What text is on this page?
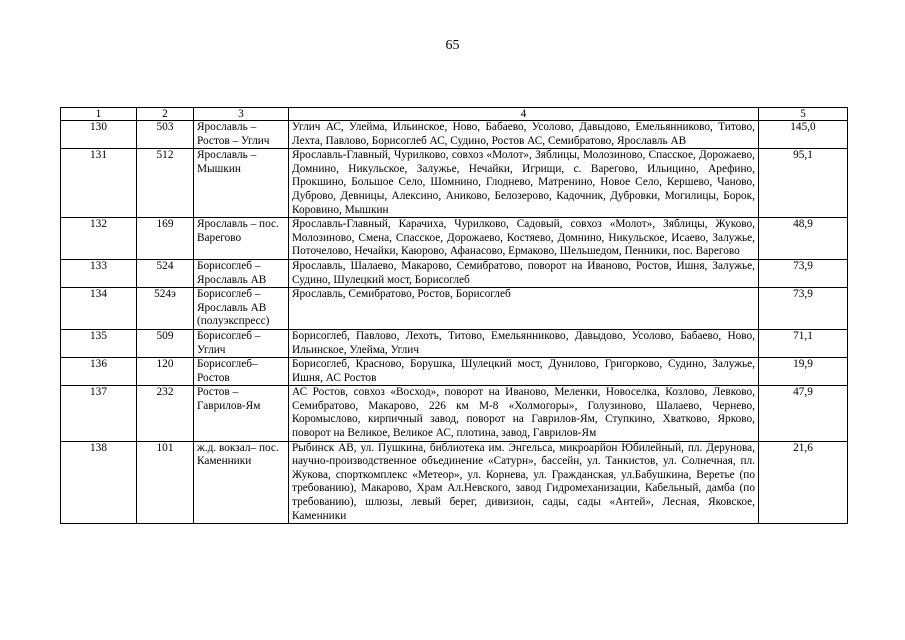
65
1	2	3	4	5
130	503	Ярославль – Ростов – Углич	Углич АС, Улейма, Ильинское, Ново, Бабаево, Усолово, Давыдово, Емельянниково, Титово, Лехта, Павлово, Борисоглеб АС, Судино, Ростов АС, Семибратово, Ярославль АВ	145,0
131	512	Ярославль – Мышкин	Ярославль-Главный, Чурилково, совхоз «Молот», Зяблицы, Молозиново, Спасское, Дорожаево, Домнино, Никульское, Залужье, Нечайки, Игрищи, с. Варегово, Ильицино, Арефино, Прокшино, Большое Село, Шомнино, Глоднево, Матренино, Новое Село, Кершево, Чаново, Дуброво, Девницы, Алексино, Аниково, Белозерово, Кадочник, Дубровки, Могилицы, Борок, Коровино, Мышкин	95,1
132	169	Ярославль – пос. Варегово	Ярославль-Главный, Карачиха, Чурилково, Садовый, совхоз «Молот», Зяблицы, Жуково, Молозиново, Смена, Спасское, Дорожаево, Костяево, Домнино, Никульское, Исаево, Залужье, Поточелово, Нечайки, Каюрово, Афанасово, Ермаково, Шельшедом, Пенники, пос. Варегово	48,9
133	524	Борисоглеб – Ярославль АВ	Ярославль, Шалаево, Макарово, Семибратово, поворот на Иваново, Ростов, Ишня, Залужье, Судино, Шулецкий мост, Борисоглеб	73,9
134	524э	Борисоглеб – Ярославль АВ (полуэкспресс)	Ярославль, Семибратово, Ростов, Борисоглеб	73,9
135	509	Борисоглеб – Углич	Борисоглеб, Павлово, Лехоть, Титово, Емельянниково, Давыдово, Усолово, Бабаево, Ново, Ильинское, Улейма, Углич	71,1
136	120	Борисоглеб– Ростов	Борисоглеб, Красново, Борушка, Шулецкий мост, Дунилово, Григорково, Судино, Залужье, Ишня, АС Ростов	19,9
137	232	Ростов – Гаврилов-Ям	АС Ростов, совхоз «Восход», поворот на Иваново, Меленки, Новоселка, Козлово, Левково, Семибратово, Макарово, 226 км М-8 «Холмогоры», Голузиново, Шалаево, Чернево, Коромыслово, кирпичный завод, поворот на Гаврилов-Ям, Ступкино, Хватково, Ярково, поворот на Великое, Великое АС, плотина, завод, Гаврилов-Ям	47,9
138	101	ж.д. вокзал– пос. Каменники	Рыбинск АВ, ул. Пушкина, библиотека им. Энгельса, микроарйон Юбилейный, пл. Дерунова, научно-производственное объединение «Сатурн», бассейн, ул. Танкистов, ул. Солнечная, пл. Жукова, спорткомплекс «Метеор», ул. Корнева, ул. Гражданская, ул.Бабушкина, Веретье (по требованию), Макарово, Храм Ал.Невского, завод Гидромеханизации, Кабельный, дамба (по требованию), шлюзы, левый берег, дивизион, сады, сады «Антей», Лесная, Яковское, Каменники	21,6
